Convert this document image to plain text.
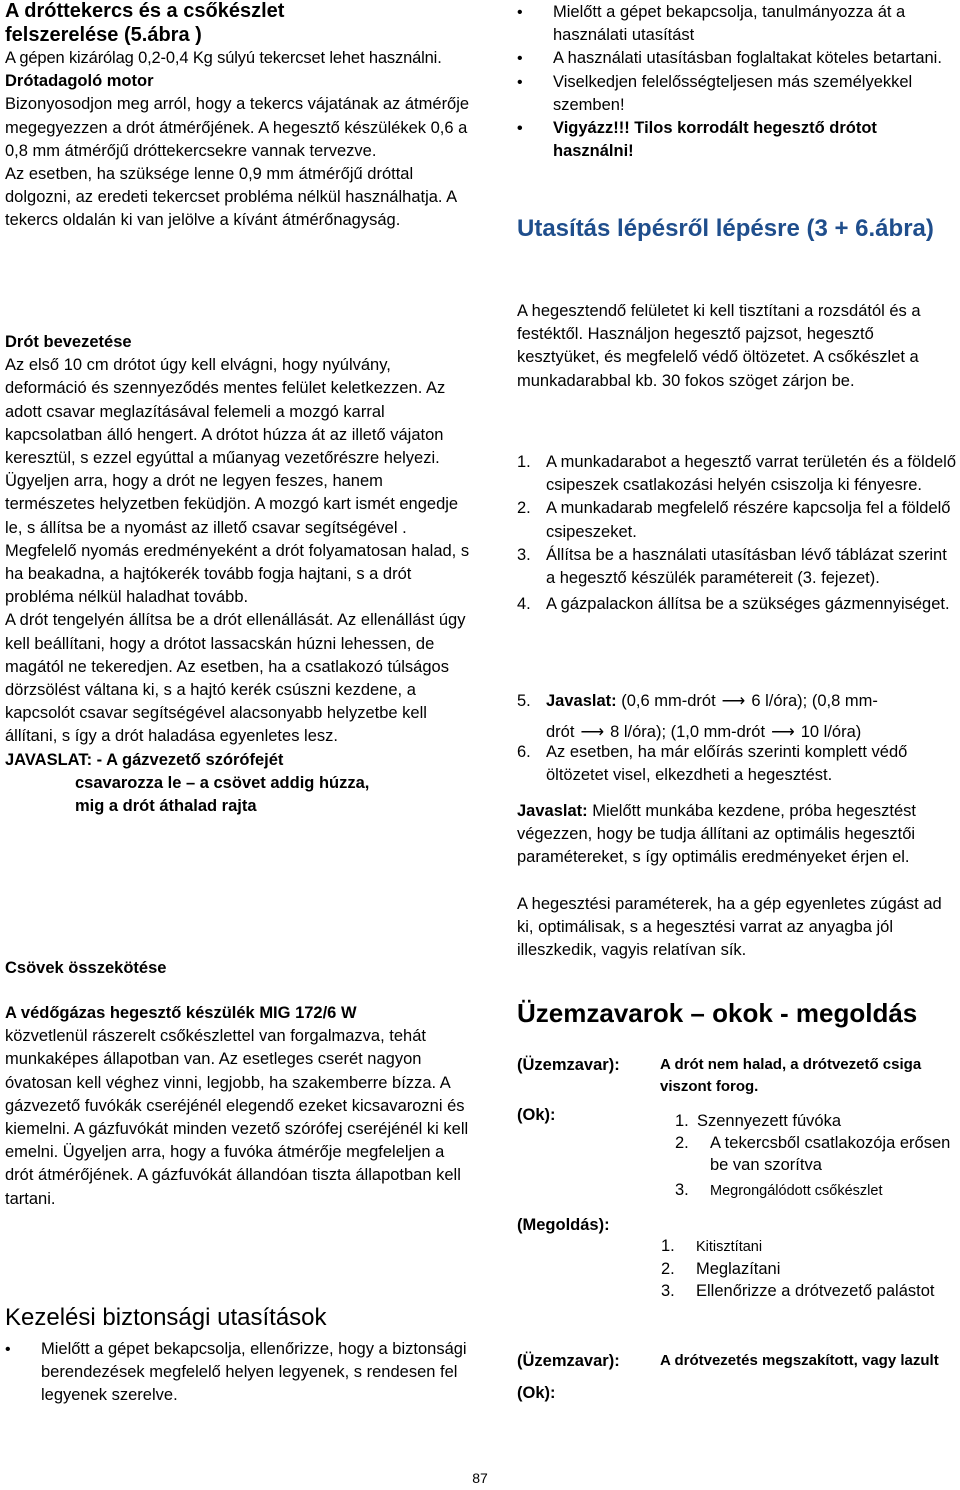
A dróttekercs és a csőkészlet
felszerelése (5.ábra )

A gépen kizárólag 0,2-0,4 Kg súlyú tekercset lehet használni.

Drótadagoló motor

Bizonyosodjon meg arról, hogy a tekercs vájatának az átmérője megegyezzen a drót átmérőjének. A hegesztő készülékek 0,6 a 0,8 mm átmérőjű dróttekercsekre vannak tervezve.

Az esetben, ha szüksége lenne 0,9 mm átmérőjű dróttal dolgozni, az eredeti tekercset probléma nélkül használhatja. A tekercs oldalán ki van jelölve a kívánt átmérőnagyság.

Drót bevezetése

Az első 10 cm drótot úgy kell elvágni, hogy nyúlvány, deformáció és szennyeződés mentes felület keletkezzen. Az adott csavar meglazításával felemeli a mozgó karral kapcsolatban álló hengert. A drótot húzza át az illető vájaton keresztül, s ezzel egyúttal a műanyag vezetőrészre helyezi. Ügyeljen arra, hogy a drót ne legyen feszes, hanem természetes helyzetben feküdjön. A mozgó kart ismét engedje le, s állítsa be a nyomást az illető csavar segítségével . Megfelelő nyomás eredményeként a drót folyamatosan halad, s ha beakadna, a hajtókerék tovább fogja hajtani, s a drót probléma nélkül haladhat tovább.

A drót tengelyén állítsa be a drót ellenállását. Az ellenállást úgy kell beállítani, hogy a drótot lassacskán húzni lehessen, de magától ne tekeredjen. Az esetben, ha a csatlakozó túlságos dörzsölést váltana ki, s a hajtó kerék csúszni kezdene, a kapcsolót csavar segítségével alacsonyabb helyzetbe kell állítani, s így a drót haladása egyenletes lesz.

JAVASLAT: - A gázvezető szórófejét
csavarozza le – a csövet addig húzza,
mig a drót áthalad rajta
Csövek összekötése
A védőgázas hegesztő készülék MIG 172/6 W

közvetlenül rászerelt csőkészlettel van forgalmazva, tehát munkaképes állapotban van. Az esetleges cserét nagyon óvatosan kell véghez vinni, legjobb, ha szakemberre bízza. A gázvezető fuvókák cseréjénél elegendő ezeket kicsavarozni és kiemelni. A gázfuvókát minden vezető szórófej cseréjénél ki kell emelni. Ügyeljen arra, hogy a fuvóka átmérője megfeleljen a drót átmérőjének. A gázfuvókát állandóan tiszta állapotban kell tartani.

Kezelési biztonsági utasítások
• Mielőtt a gépet bekapcsolja, ellenőrizze, hogy a biztonsági berendezések megfelelő helyen legyenek, s rendesen fel legyenek szerelve.
• Mielőtt a gépet bekapcsolja, tanulmányozza át a használati utasítást
• A használati utasításban foglaltakat köteles betartani.
• Viselkedjen felelősségteljesen más személyekkel szemben!
• Vigyázz!!! Tilos korrodált hegesztő drótot használni!
Utasítás lépésről lépésre (3 + 6.ábra)

A hegesztendő felületet ki kell tisztítani a rozsdától és a festéktől. Használjon hegesztő pajzsot, hegesztő kesztyüket, és megfelelő védő öltözetet. A csőkészlet a munkadarabbal kb. 30 fokos szöget zárjon be.

1. A munkadarabot a hegesztő varrat területén és a földelő csipeszek csatlakozási helyén csiszolja ki fényesre.
2. A munkadarab megfelelő részére kapcsolja fel a földelő csipeszeket.
3. Állítsa be a használati utasításban lévő táblázat szerint a hegesztő készülék paramétereit (3. fejezet).
4. A gázpalackon állítsa be a szükséges gázmennyiséget.
5. Javaslat: (0,6 mm-drót ⟶ 6 l/óra); (0,8 mm-
drót ⟶ 8 l/óra); (1,0 mm-drót ⟶ 10 l/óra)
6. Az esetben, ha már előírás szerinti komplett védő öltözetet visel, elkezdheti a hegesztést.

Javaslat: Mielőtt munkába kezdene, próba hegesztést végezzen, hogy be tudja állítani az optimális hegesztői paramétereket, s így optimális eredményeket érjen el.

A hegesztési paraméterek, ha a gép egyenletes zúgást ad ki, optimálisak, s a hegesztési varrat az anyagba jól illeszkedik, vagyis relatívan sík.

Üzemzavarok – okok - megoldás
(Üzemzavar):	A drót nem halad, a drótvezető csiga viszont forog.
(Ok):	1. Szennyezett fúvóka
2. A tekercsből csatlakozója erősen be van szorítva
3. Megrongálódott csőkészlet
(Megoldás):
1. Kitisztítani
2. Meglazítani
3. Ellenőrizze a drótvezető palástot
(Üzemzavar):	A drótvezetés megszakított, vagy lazult
(Ok):
87
